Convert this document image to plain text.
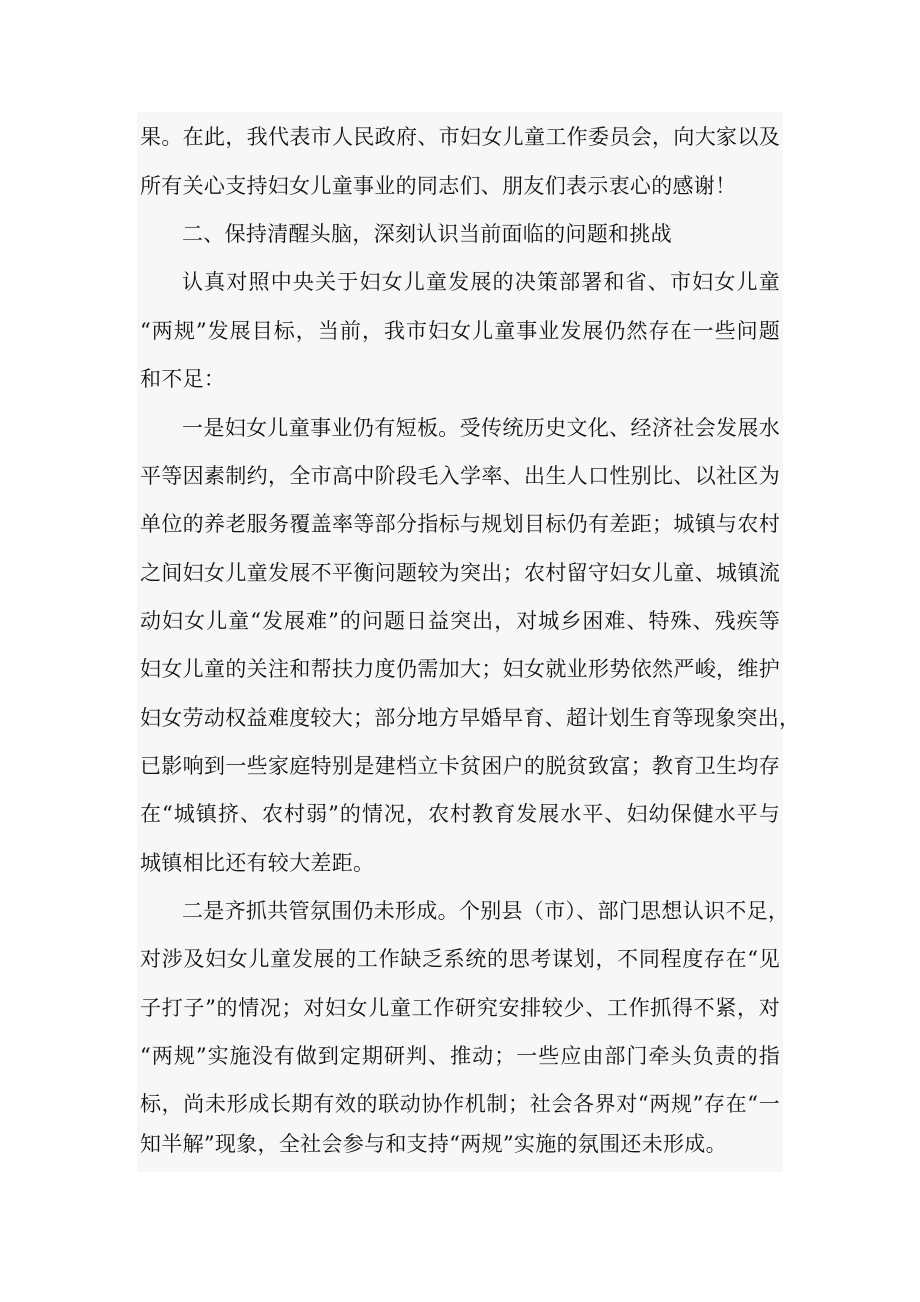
果。在此，我代表市人民政府、市妇女儿童工作委员会，向大家以及
所有关心支持妇女儿童事业的同志们、朋友们表示衷心的感谢！
二、保持清醒头脑，深刻认识当前面临的问题和挑战
认真对照中央关于妇女儿童发展的决策部署和省、市妇女儿童
“两规”发展目标，当前，我市妇女儿童事业发展仍然存在一些问题
和不足：
一是妇女儿童事业仍有短板。受传统历史文化、经济社会发展水
平等因素制约，全市高中阶段毛入学率、出生人口性别比、以社区为
单位的养老服务覆盖率等部分指标与规划目标仍有差距；城镇与农村
之间妇女儿童发展不平衡问题较为突出；农村留守妇女儿童、城镇流
动妇女儿童“发展难”的问题日益突出，对城乡困难、特殊、残疾等
妇女儿童的关注和帮扶力度仍需加大；妇女就业形势依然严峻，维护
妇女劳动权益难度较大；部分地方早婚早育、超计划生育等现象突出，
已影响到一些家庭特别是建档立卡贫困户的脱贫致富；教育卫生均存
在“城镇挤、农村弱”的情况，农村教育发展水平、妇幼保健水平与
城镇相比还有较大差距。
二是齐抓共管氛围仍未形成。个别县（市）、部门思想认识不足，
对涉及妇女儿童发展的工作缺乏系统的思考谋划，不同程度存在“见
子打子”的情况；对妇女儿童工作研究安排较少、工作抓得不紧，对
“两规”实施没有做到定期研判、推动；一些应由部门牵头负责的指
标，尚未形成长期有效的联动协作机制；社会各界对“两规”存在“一
知半解”现象，全社会参与和支持“两规”实施的氛围还未形成。
